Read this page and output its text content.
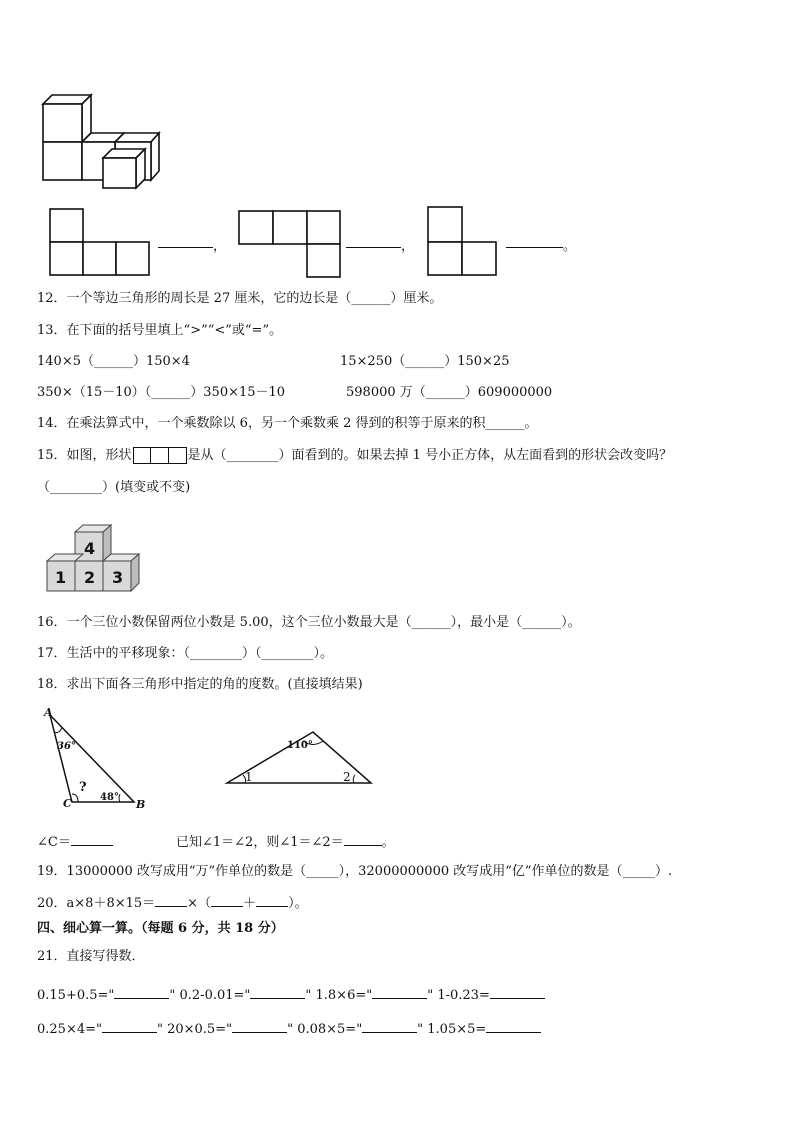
，	，	。
12．一个等边三角形的周长是 27 厘米，它的边长是（______）厘米。
13．在下面的括号里填上“>”“<”或“=”。
140×5（______）150×4	15×250（______）150×25
350×（15－10）（______）350×15－10	598000 万（______）609000000
14．在乘法算式中，一个乘数除以 6，另一个乘数乘 2 得到的积等于原来的积______。
15．如图，形状	是从（________）面看到的。如果去掉 1 号小正方体，从左面看到的形状会改变吗？
（________）(填变或不变)
4
1 2 3
16．一个三位小数保留两位小数是 5.00，这个三位小数最大是（______），最小是（______）。
17．生活中的平移现象：（________）（________）。
18．求出下面各三角形中指定的角的度数。(直接填结果)
A
36°
?
C	48°
B
110°
1	2
∠C＝	已知∠1＝∠2，则∠1＝∠2＝	。
19．13000000 改写成用“万”作单位的数是（_____），32000000000 改写成用“亿”作单位的数是（_____）.
20．a×8＋8×15＝ ×（ ＋ ）。
四、细心算一算。（每题 6 分，共 18 分）
21．直接写得数．
0.15+0.5="	" 0.2-0.01="	" 1.8×6="	" 1-0.23=
0.25×4="	" 20×0.5="	" 0.08×5="	" 1.05×5=
